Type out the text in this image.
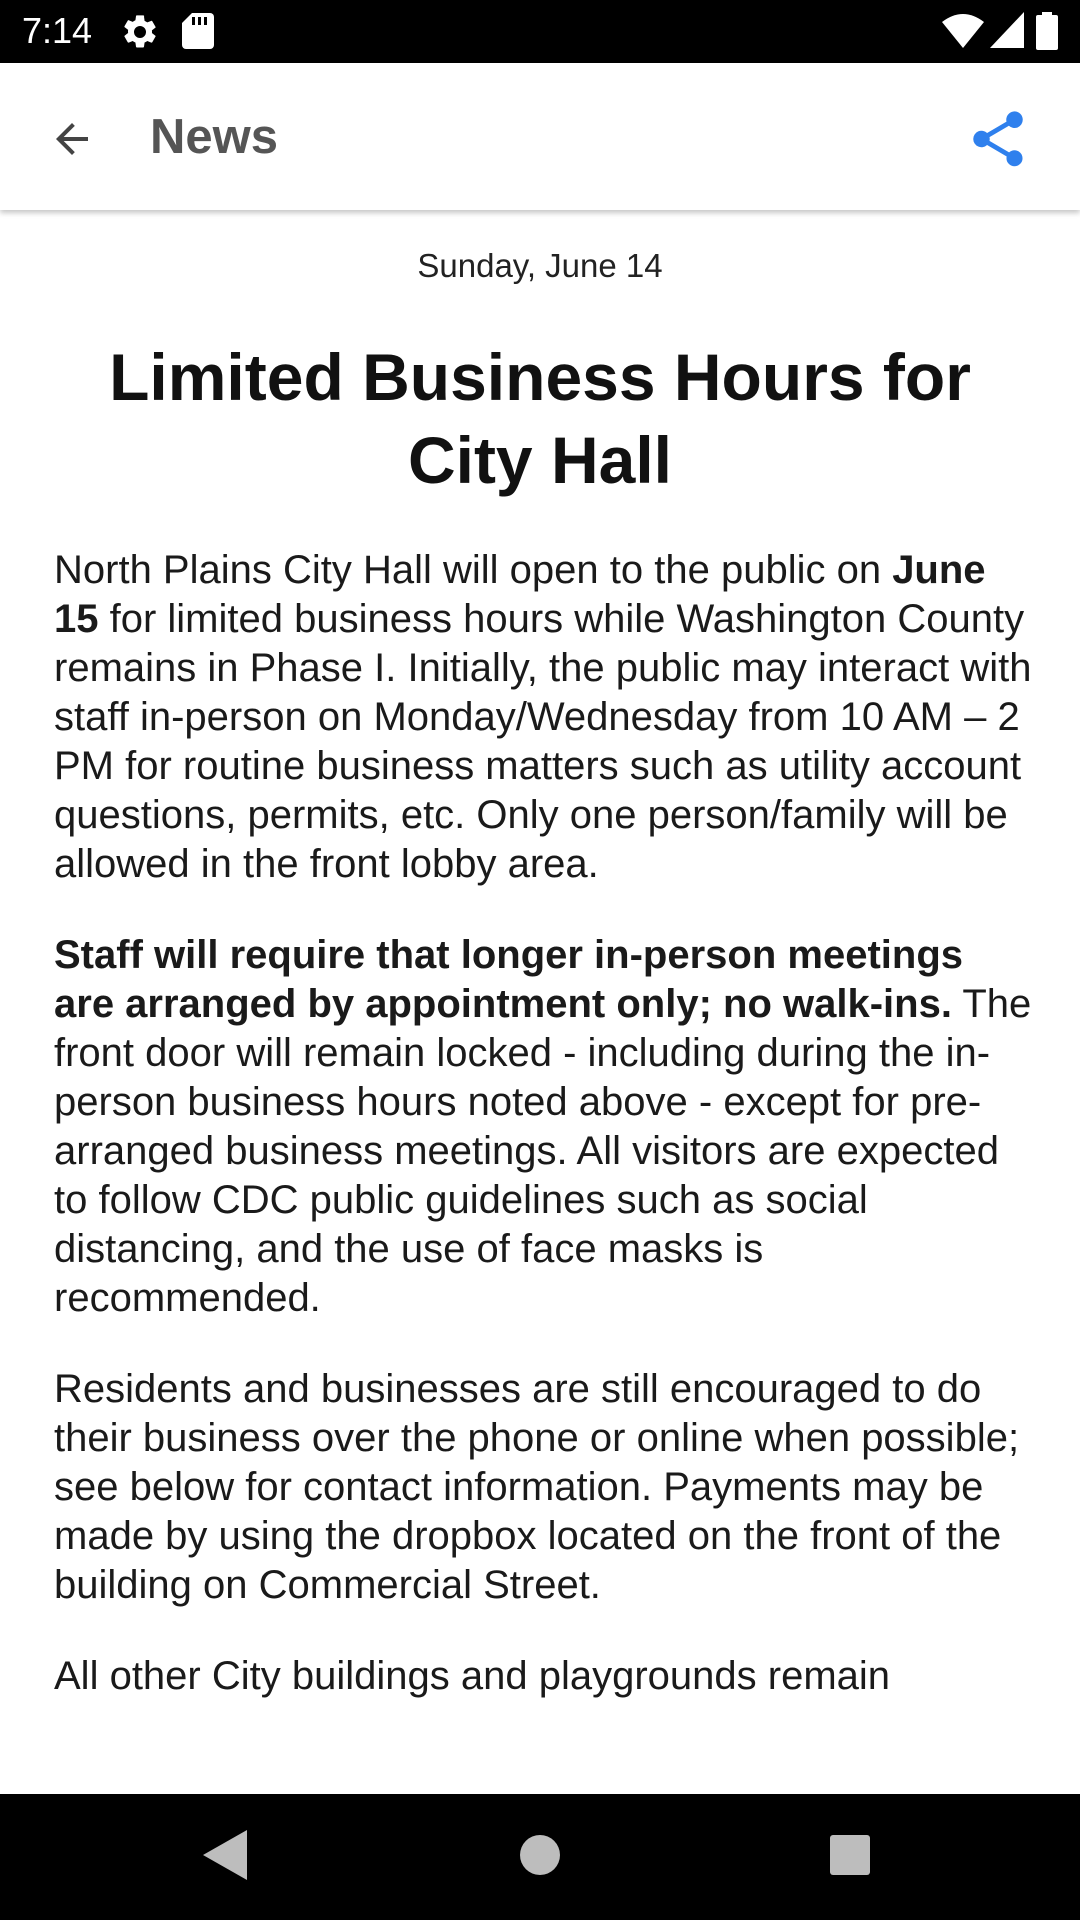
7:14
News
Sunday, June 14
Limited Business Hours for City Hall

North Plains City Hall will open to the public on June 15 for limited business hours while Washington County remains in Phase I. Initially, the public may interact with staff in-person on Monday/Wednesday from 10 AM – 2 PM for routine business matters such as utility account questions, permits, etc. Only one person/family will be allowed in the front lobby area.

Staff will require that longer in-person meetings are arranged by appointment only; no walk-ins. The front door will remain locked - including during the in-person business hours noted above - except for pre-arranged business meetings. All visitors are expected to follow CDC public guidelines such as social distancing, and the use of face masks is recommended.

Residents and businesses are still encouraged to do their business over the phone or online when possible; see below for contact information. Payments may be made by using the dropbox located on the front of the building on Commercial Street.

All other City buildings and playgrounds remain
